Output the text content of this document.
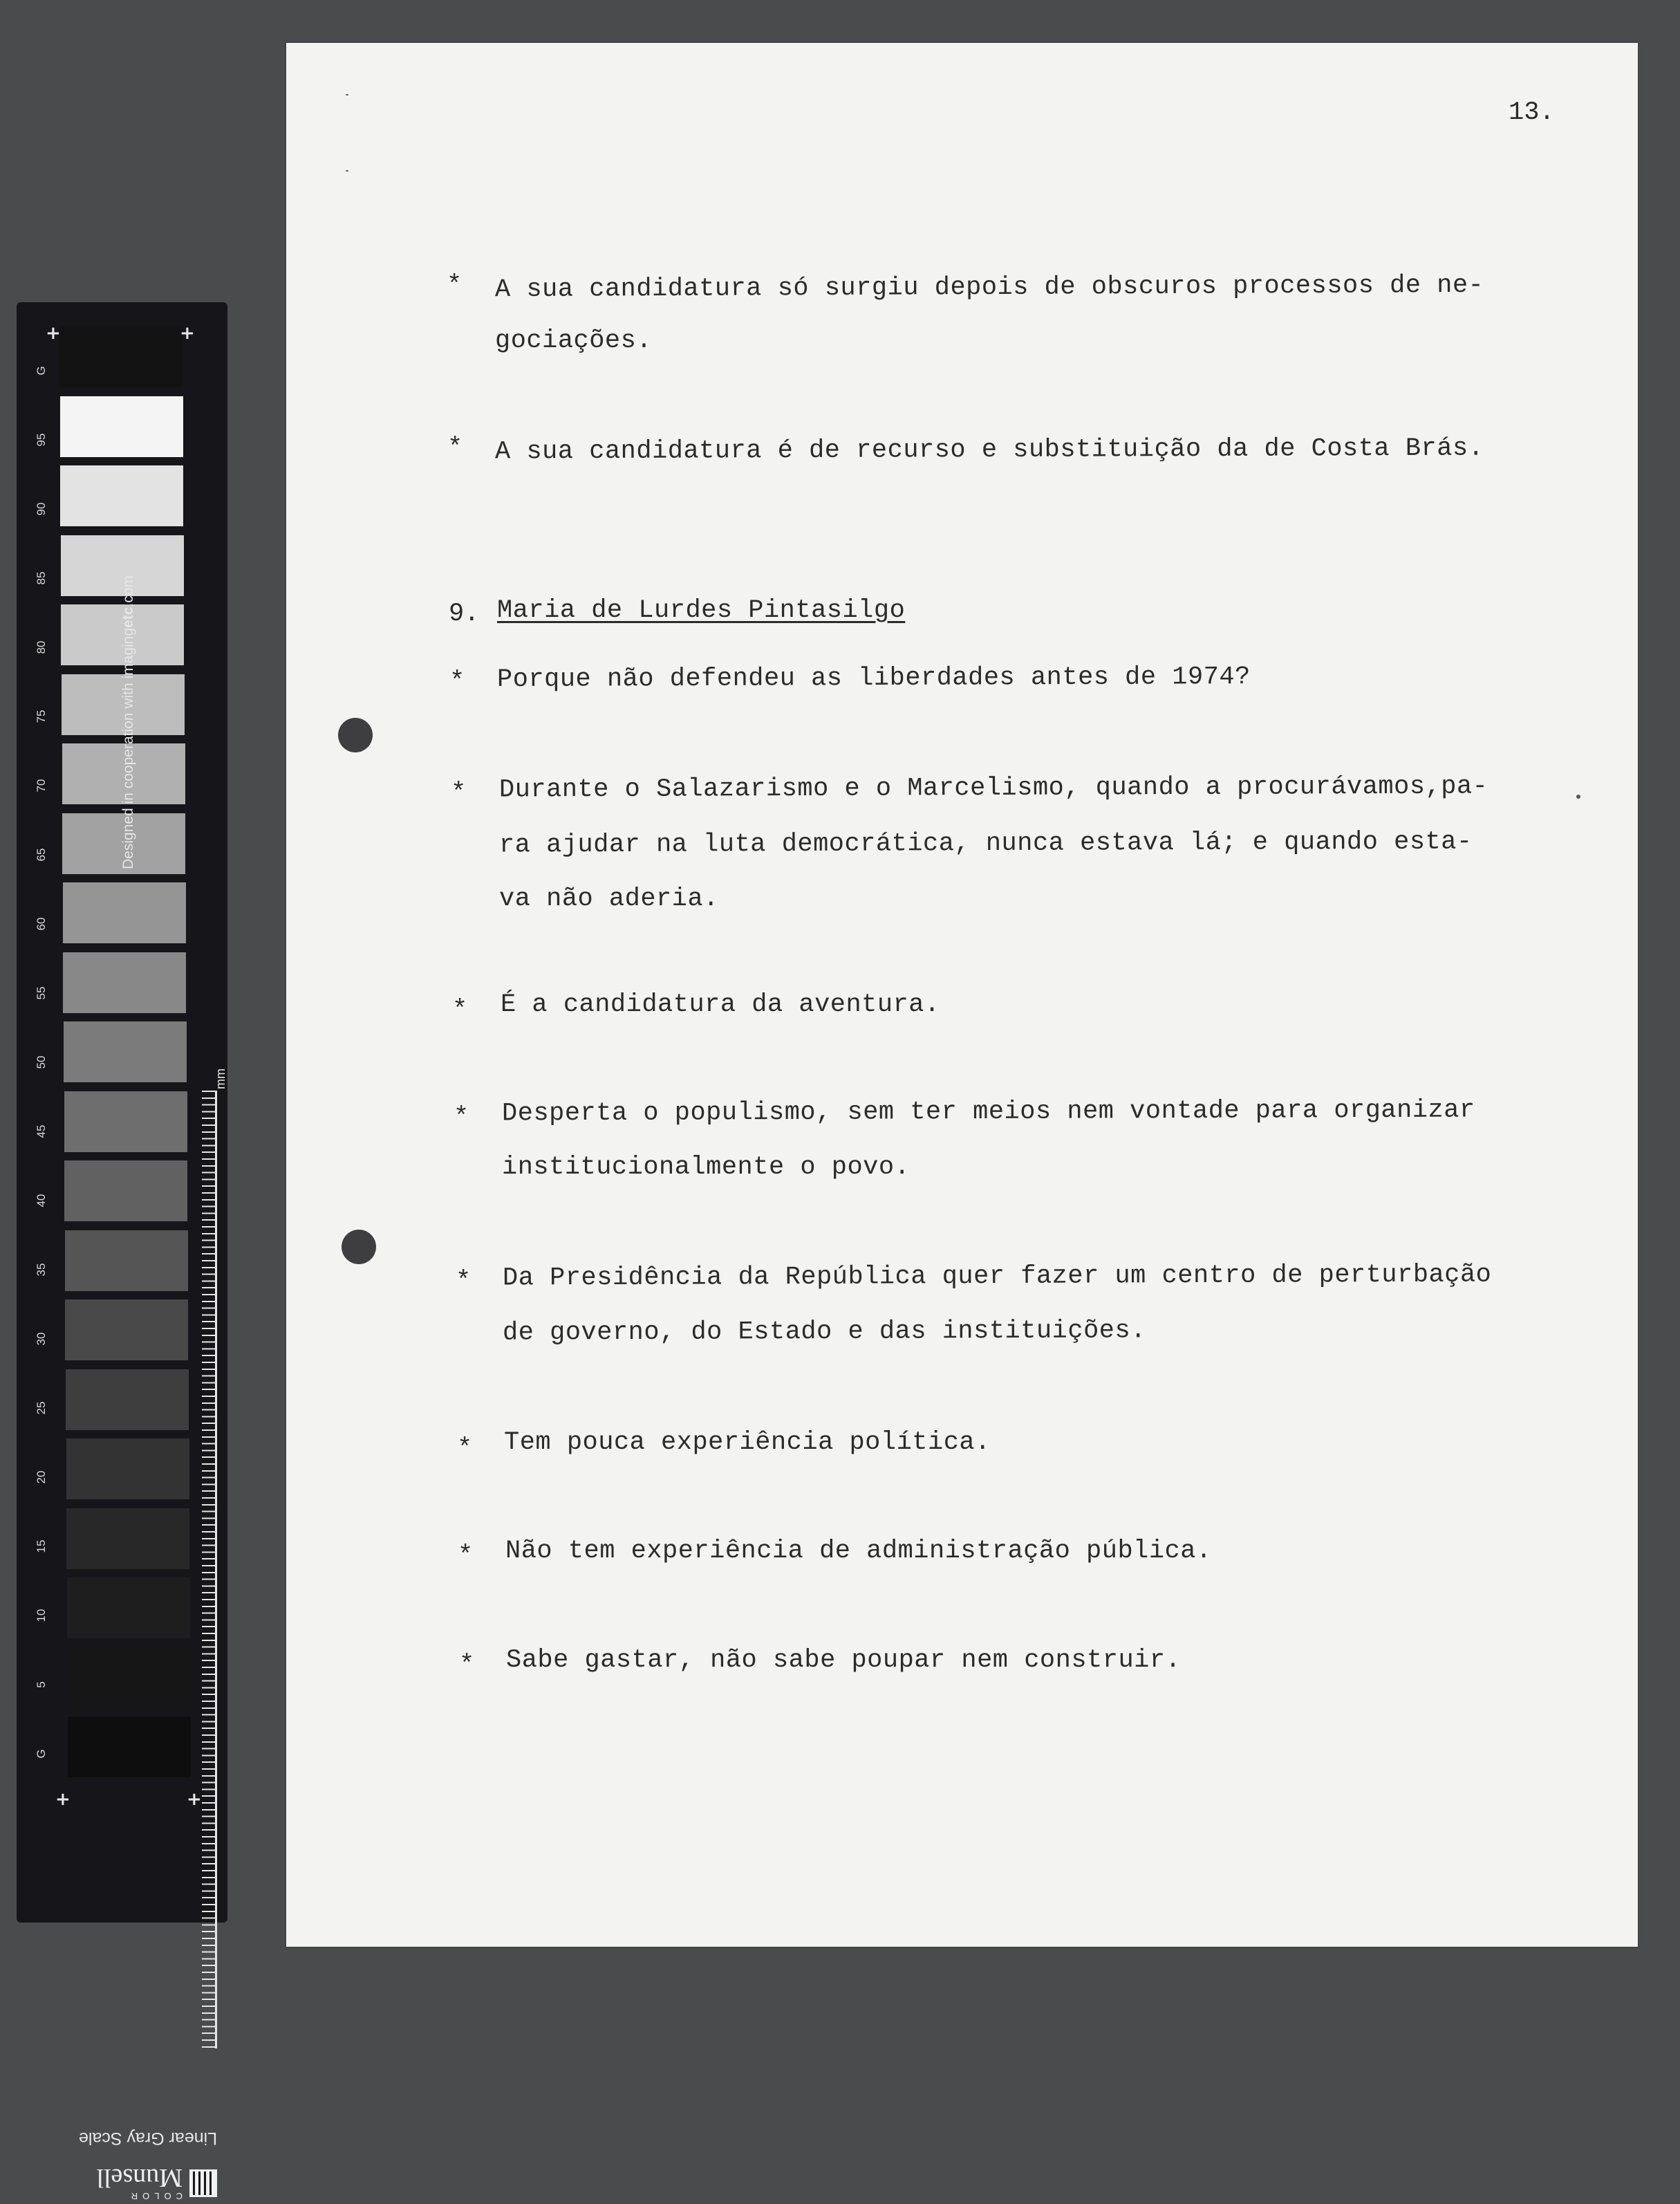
G
95
90
85
80
75
70
65
60
55
50
45
40
35
30
25
20
15
10
5
G
+	+
+	+
Designed in cooperation with imagingetc.com
mm
Linear Gray Scale
COLOR
Munsell
13.
* A sua candidatura só surgiu depois de obscuros processos de ne-
gociações.
* A sua candidatura é de recurso e substituição da de Costa Brás.
9. Maria de Lurdes Pintasilgo
* Porque não defendeu as liberdades antes de 1974?
* Durante o Salazarismo e o Marcelismo, quando a procurávamos,pa-
ra ajudar na luta democrática, nunca estava lá; e quando esta-
va não aderia.
* É a candidatura da aventura.
* Desperta o populismo, sem ter meios nem vontade para organizar
institucionalmente o povo.
* Da Presidência da República quer fazer um centro de perturbação
de governo, do Estado e das instituições.
* Tem pouca experiência política.
* Não tem experiência de administração pública.
* Sabe gastar, não sabe poupar nem construir.
